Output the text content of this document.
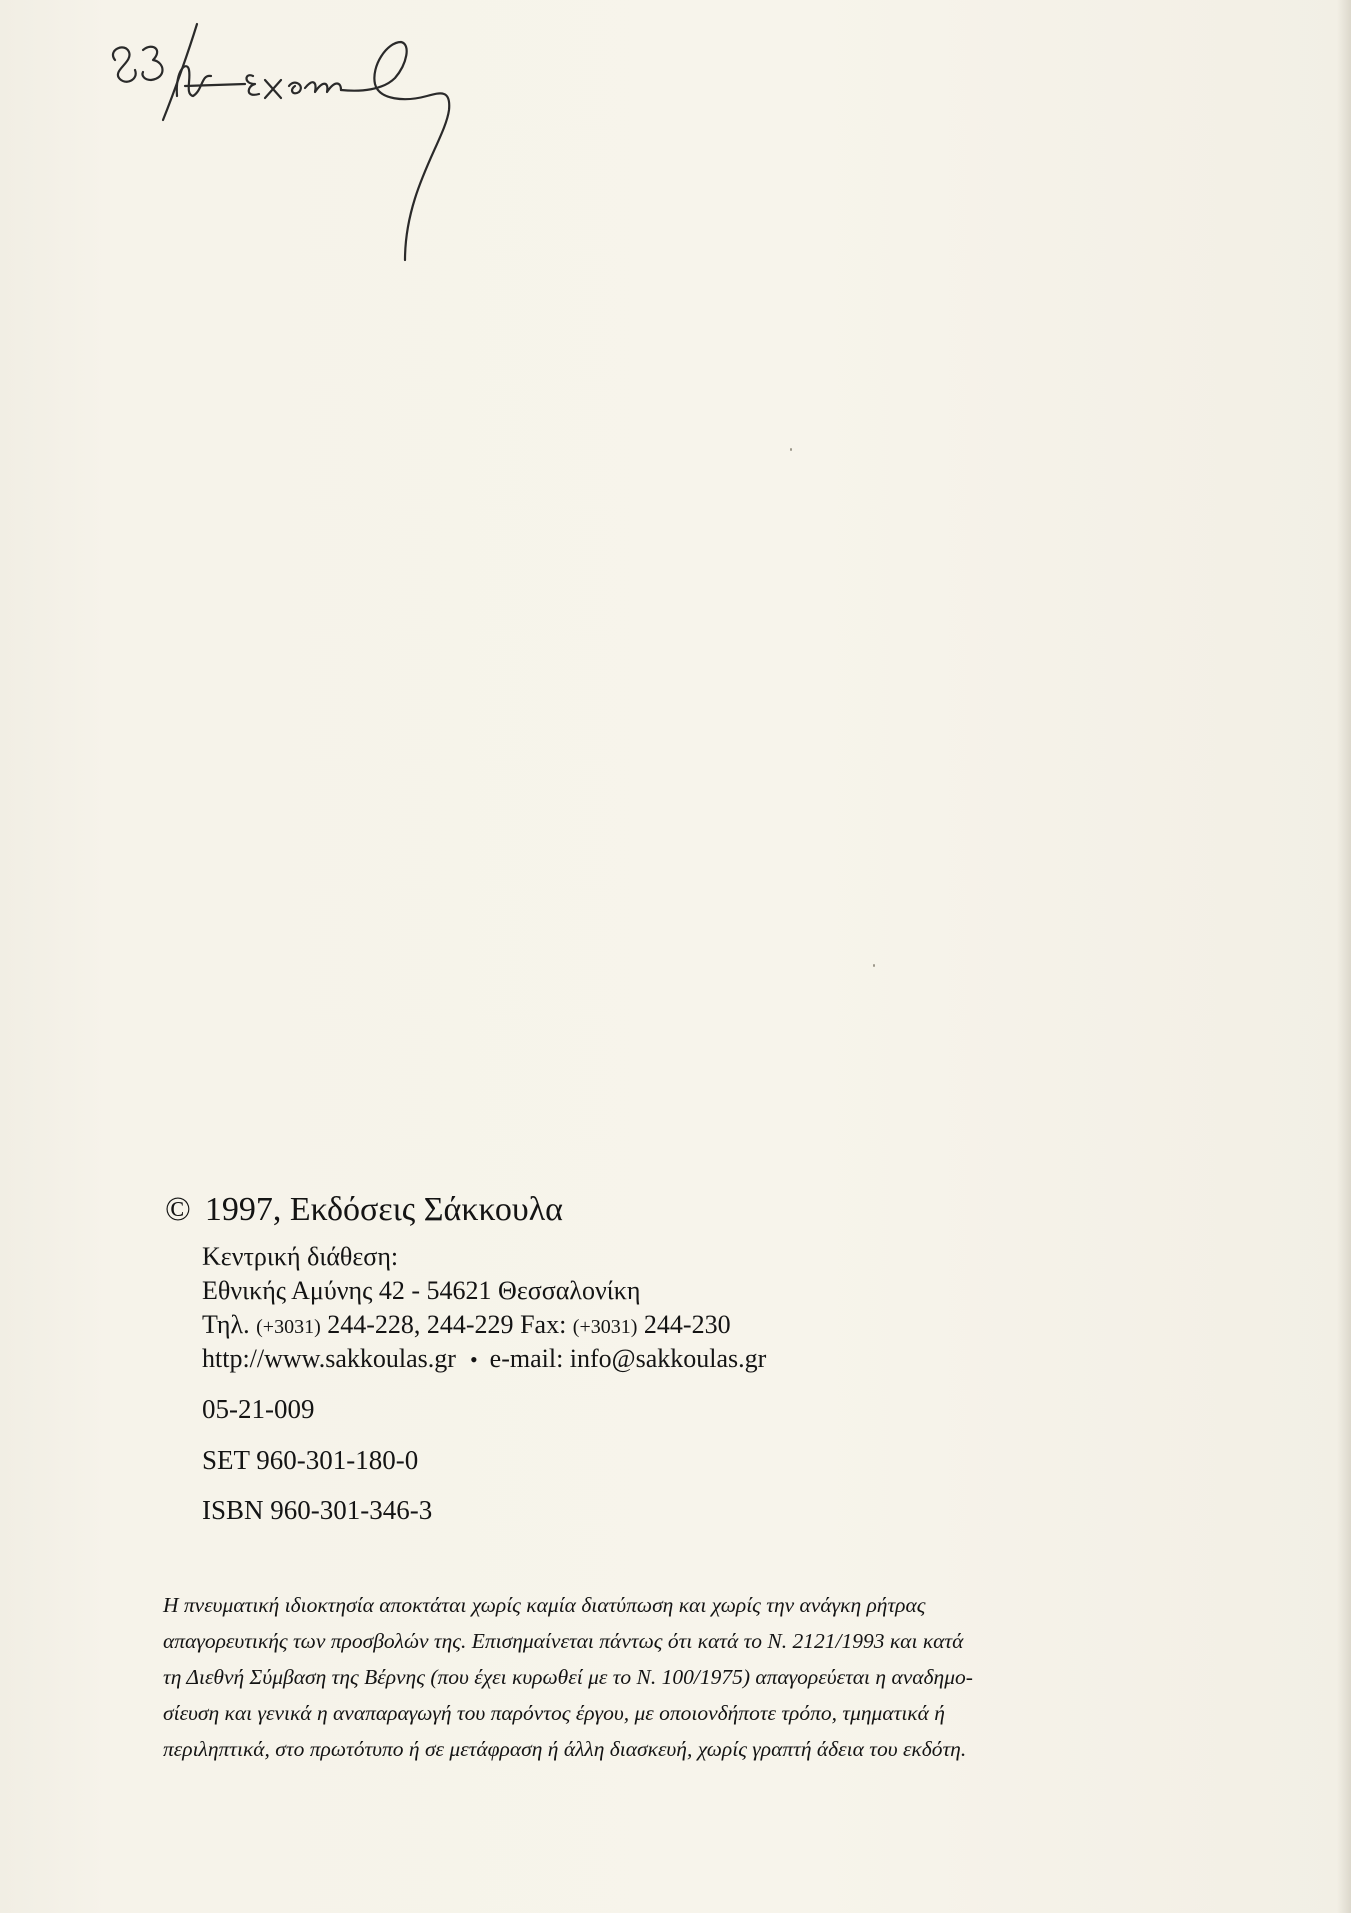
© 1997, Εκδόσεις Σάκκουλα
Κεντρική διάθεση:
Εθνικής Αμύνης 42 - 54621 Θεσσαλονίκη
Τηλ. (+3031) 244-228, 244-229 Fax: (+3031) 244-230
http://www.sakkoulas.gr • e-mail: info@sakkoulas.gr
05-21-009
SET 960-301-180-0
ISBN 960-301-346-3
Η πνευματική ιδιοκτησία αποκτάται χωρίς καμία διατύπωση και χωρίς την ανάγκη ρήτρας
απαγορευτικής των προσβολών της. Επισημαίνεται πάντως ότι κατά το Ν. 2121/1993 και κατά
τη Διεθνή Σύμβαση της Βέρνης (που έχει κυρωθεί με το Ν. 100/1975) απαγορεύεται η αναδημο-
σίευση και γενικά η αναπαραγωγή του παρόντος έργου, με οποιονδήποτε τρόπο, τμηματικά ή
περιληπτικά, στο πρωτότυπο ή σε μετάφραση ή άλλη διασκευή, χωρίς γραπτή άδεια του εκδότη.
